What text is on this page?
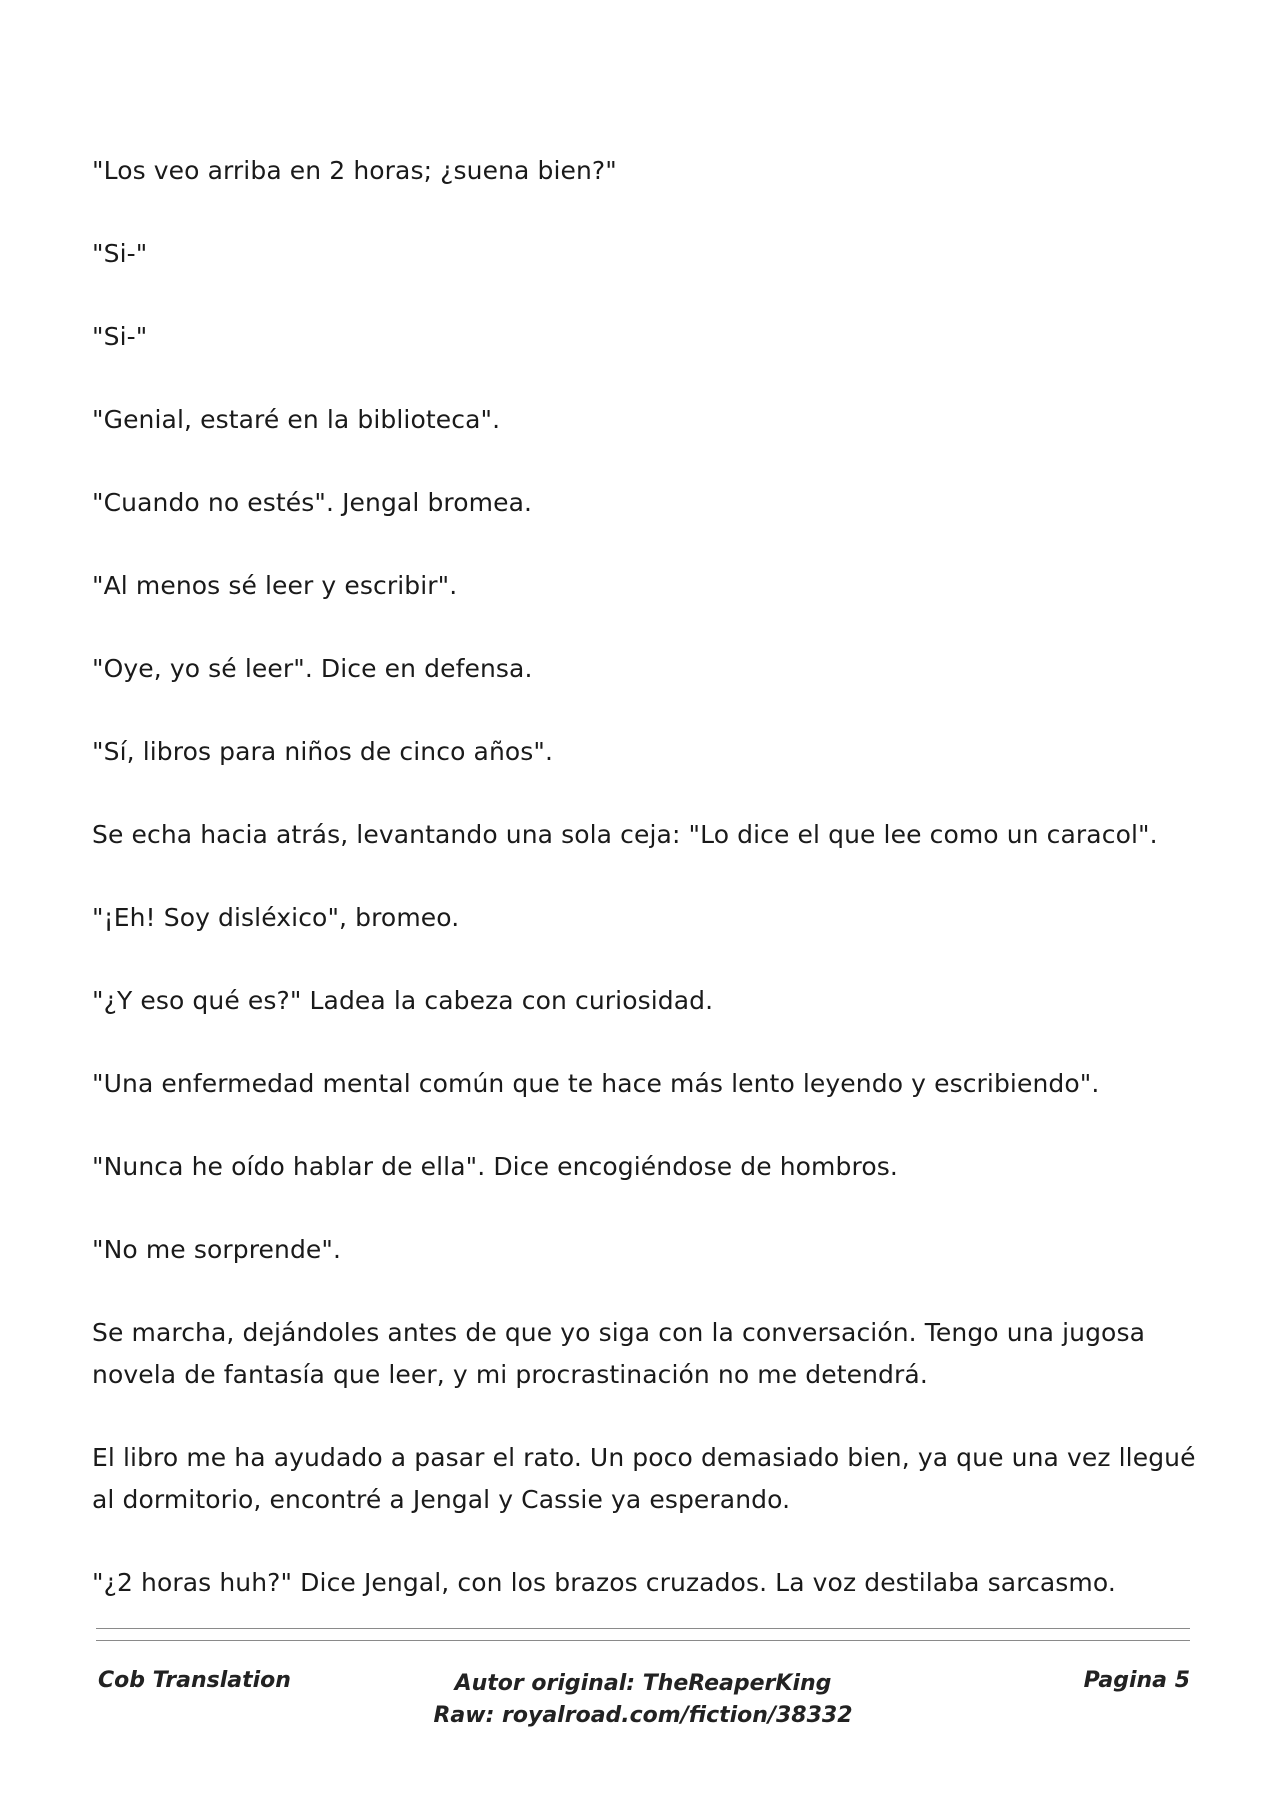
"Los veo arriba en 2 horas; ¿suena bien?"

"Si-"

"Si-"

"Genial, estaré en la biblioteca".

"Cuando no estés". Jengal bromea.

"Al menos sé leer y escribir".

"Oye, yo sé leer". Dice en defensa.

"Sí, libros para niños de cinco años".

Se echa hacia atrás, levantando una sola ceja: "Lo dice el que lee como un caracol".

"¡Eh! Soy disléxico", bromeo.

"¿Y eso qué es?" Ladea la cabeza con curiosidad.

"Una enfermedad mental común que te hace más lento leyendo y escribiendo".

"Nunca he oído hablar de ella". Dice encogiéndose de hombros.

"No me sorprende".

Se marcha, dejándoles antes de que yo siga con la conversación. Tengo una jugosa novela de fantasía que leer, y mi procrastinación no me detendrá.

El libro me ha ayudado a pasar el rato. Un poco demasiado bien, ya que una vez llegué al dormitorio, encontré a Jengal y Cassie ya esperando.

"¿2 horas huh?" Dice Jengal, con los brazos cruzados. La voz destilaba sarcasmo.

Cob Translation	Autor original: TheReaperKing
Raw: royalroad.com/fiction/38332
Pagina 5
